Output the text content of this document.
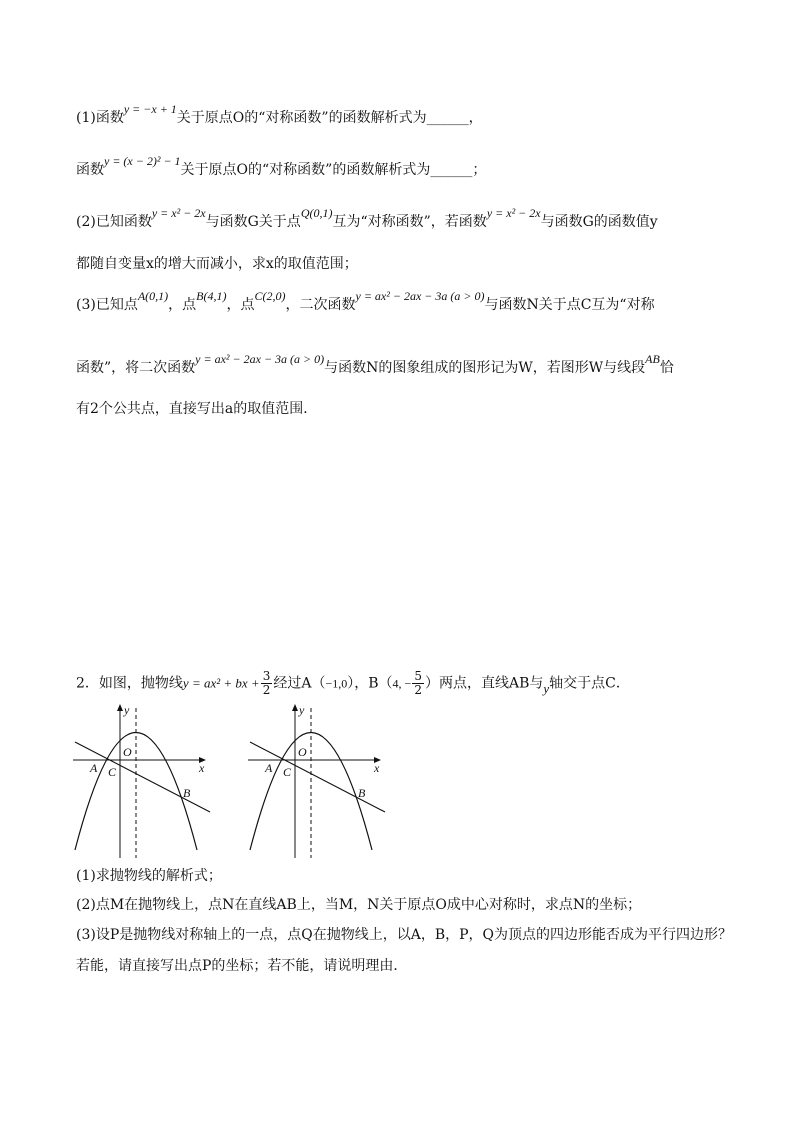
(1)函数y = −x + 1关于原点O的“对称函数”的函数解析式为______，
函数y = (x − 2)² − 1关于原点O的“对称函数”的函数解析式为______；
(2)已知函数y = x² − 2x与函数G关于点Q(0,1)互为“对称函数”，若函数y = x² − 2x与函数G的函数值y
都随自变量x的增大而减小，求x的取值范围；
(3)已知点A(0,1)，点B(4,1)，点C(2,0)，二次函数y = ax² − 2ax − 3a (a > 0)与函数N关于点C互为“对称
函数”，将二次函数y = ax² − 2ax − 3a (a > 0)与函数N的图象组成的图形记为W，若图形W与线段AB恰
有2个公共点，直接写出a的取值范围．
2．如图，抛物线y = ax² + bx + $\frac{3}{2}$ 经过A（−1,0），B（4, − $\frac{5}{2}$ ）两点，直线AB与y轴交于点C．
y
x
O
A C
B
y
x
O
A C
B
(1)求抛物线的解析式；
(2)点M在抛物线上，点N在直线AB上，当M，N关于原点O成中心对称时，求点N的坐标；
(3)设P是抛物线对称轴上的一点，点Q在抛物线上，以A，B，P，Q为顶点的四边形能否成为平行四边形？
若能，请直接写出点P的坐标；若不能，请说明理由．
